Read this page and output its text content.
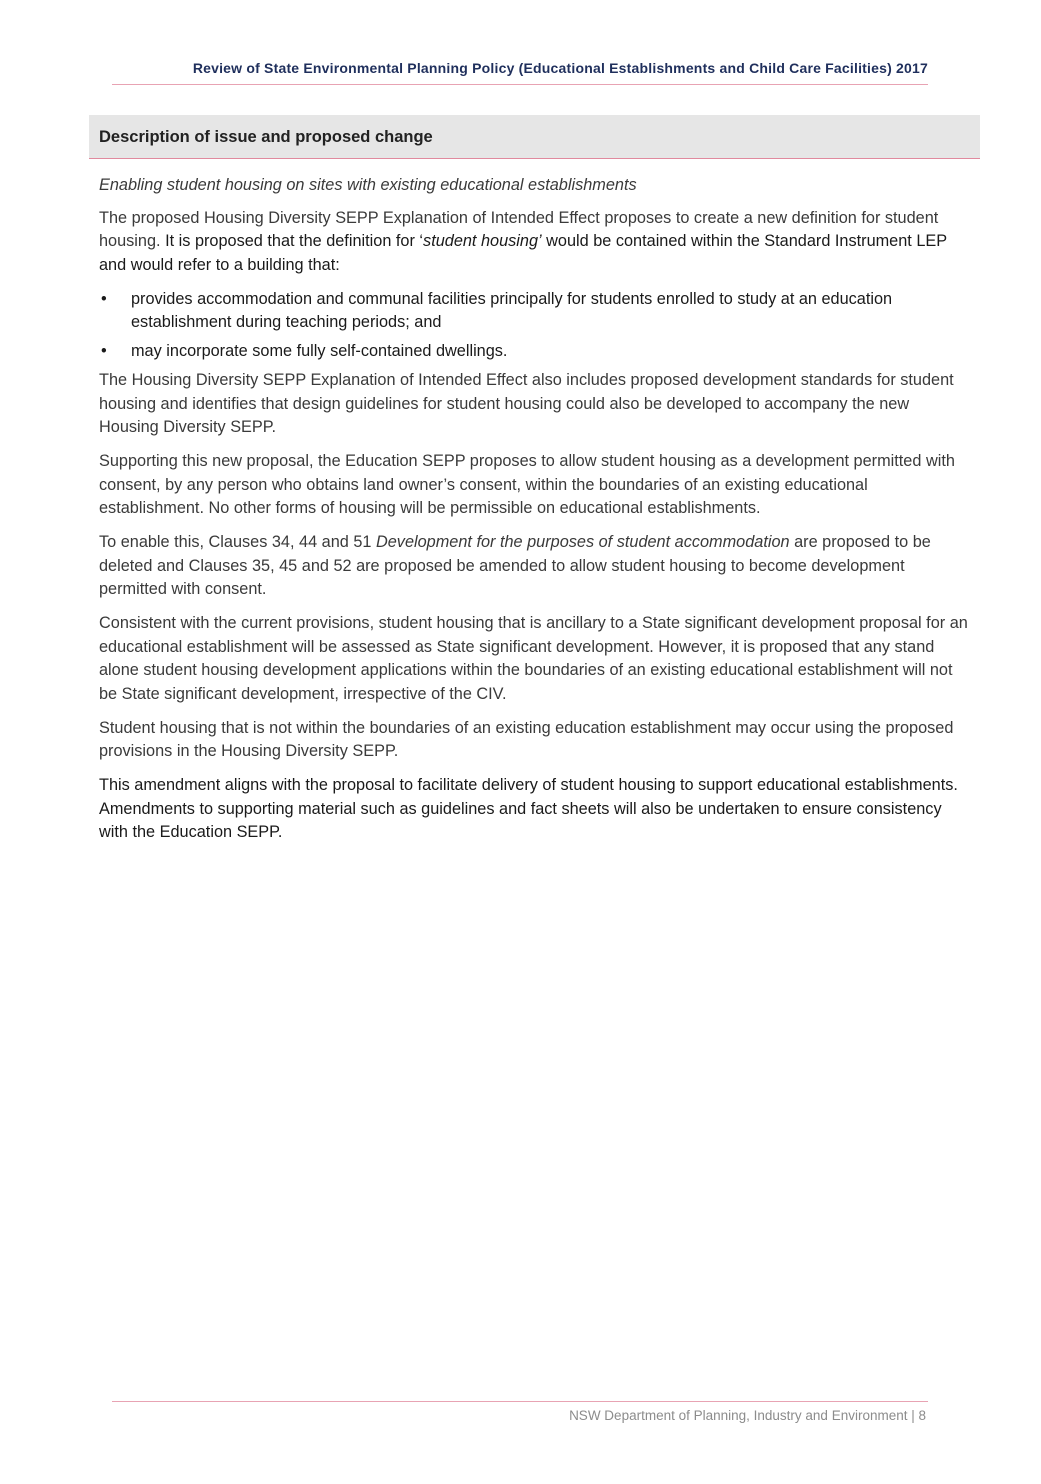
Review of State Environmental Planning Policy (Educational Establishments and Child Care Facilities) 2017
Description of issue and proposed change

Enabling student housing on sites with existing educational establishments

The proposed Housing Diversity SEPP Explanation of Intended Effect proposes to create a new definition for student housing. It is proposed that the definition for ‘student housing’ would be contained within the Standard Instrument LEP and would refer to a building that:

• provides accommodation and communal facilities principally for students enrolled to study at an education establishment during teaching periods; and
• may incorporate some fully self-contained dwellings.

The Housing Diversity SEPP Explanation of Intended Effect also includes proposed development standards for student housing and identifies that design guidelines for student housing could also be developed to accompany the new Housing Diversity SEPP.

Supporting this new proposal, the Education SEPP proposes to allow student housing as a development permitted with consent, by any person who obtains land owner’s consent, within the boundaries of an existing educational establishment. No other forms of housing will be permissible on educational establishments.

To enable this, Clauses 34, 44 and 51 Development for the purposes of student accommodation are proposed to be deleted and Clauses 35, 45 and 52 are proposed be amended to allow student housing to become development permitted with consent.

Consistent with the current provisions, student housing that is ancillary to a State significant development proposal for an educational establishment will be assessed as State significant development. However, it is proposed that any stand alone student housing development applications within the boundaries of an existing educational establishment will not be State significant development, irrespective of the CIV.

Student housing that is not within the boundaries of an existing education establishment may occur using the proposed provisions in the Housing Diversity SEPP.

This amendment aligns with the proposal to facilitate delivery of student housing to support educational establishments. Amendments to supporting material such as guidelines and fact sheets will also be undertaken to ensure consistency with the Education SEPP.

NSW Department of Planning, Industry and Environment | 8
